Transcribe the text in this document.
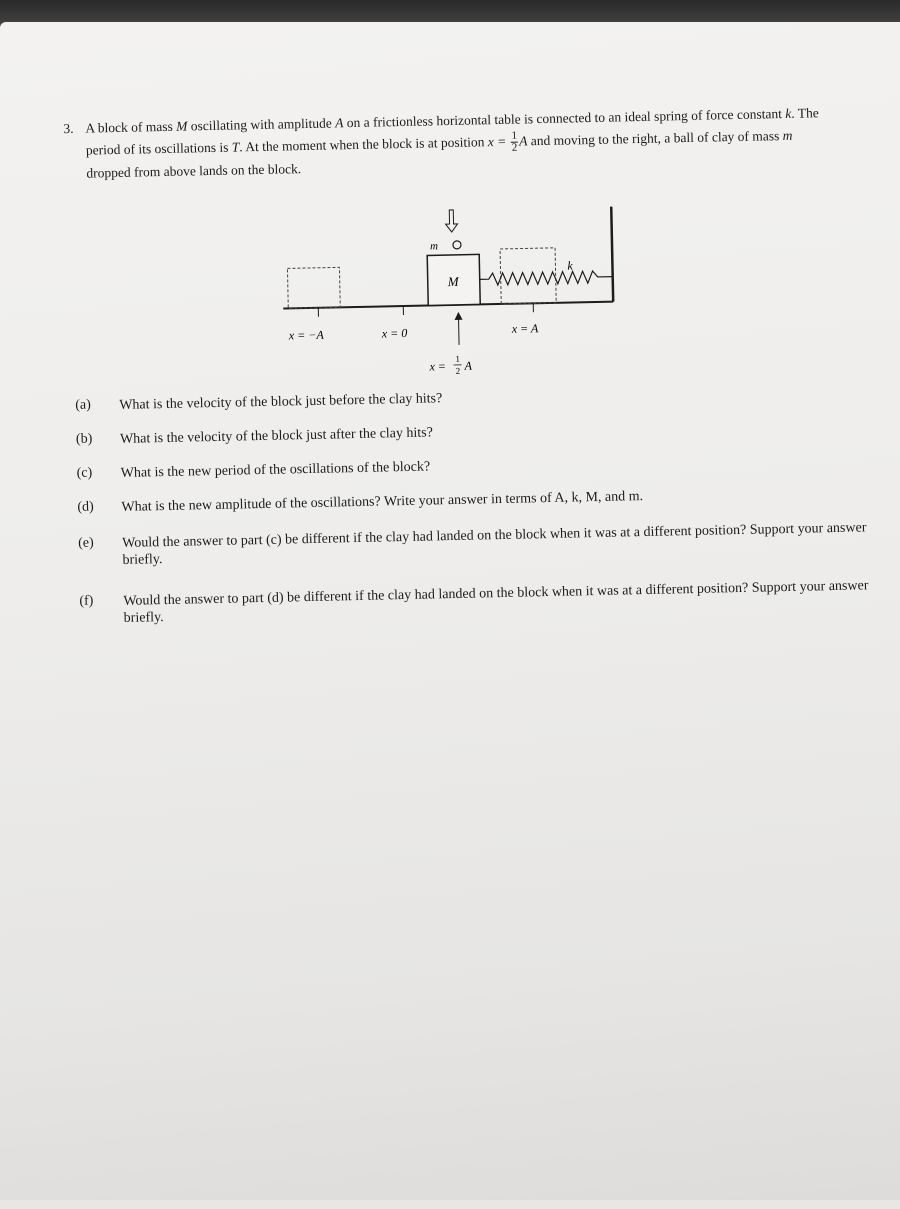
3. A block of mass M oscillating with amplitude A on a frictionless horizontal table is connected to an ideal spring of force constant k. The period of its oscillations is T. At the moment when the block is at position $x = \frac{1}{2}$ A and moving to the right, a ball of clay of mass m dropped from above lands on the block.
M
k
m
x = −A	x = 0	x = A
x =
1
2 A
(a) What is the velocity of the block just before the clay hits?
(b) What is the velocity of the block just after the clay hits?
(c) What is the new period of the oscillations of the block?
(d) What is the new amplitude of the oscillations? Write your answer in terms of A, k, M, and m.
(e) Would the answer to part (c) be different if the clay had landed on the block when it was at a different position? Support your answer briefly.
(f) Would the answer to part (d) be different if the clay had landed on the block when it was at a different position? Support your answer briefly.
